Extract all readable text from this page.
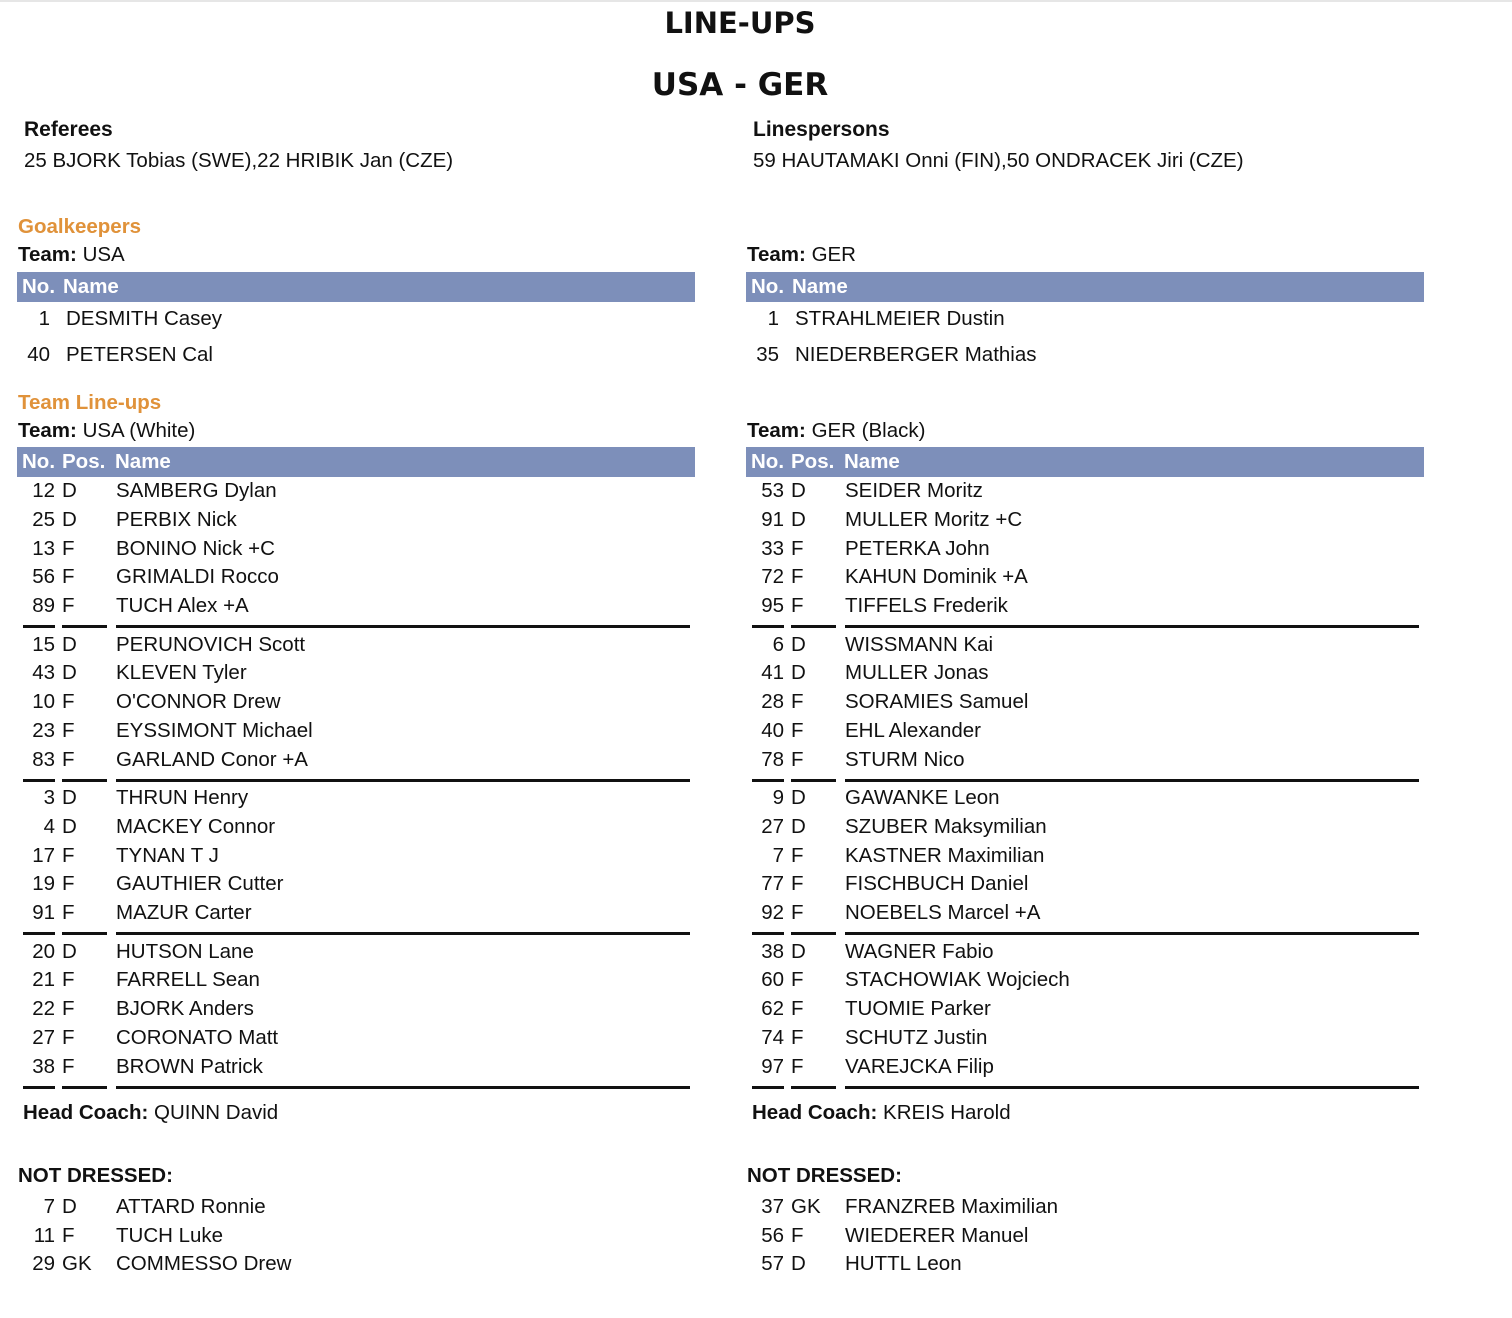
LINE-UPS
USA - GER
Referees
25 BJORK Tobias (SWE),22 HRIBIK Jan (CZE)
Linespersons
59 HAUTAMAKI Onni (FIN),50 ONDRACEK Jiri (CZE)
Goalkeepers
Team Line-ups
Team: USA
No. Name
1 DESMITH Casey
40 PETERSEN Cal
Team: USA (White)
No. Pos. Name
12 D SAMBERG Dylan
25 D PERBIX Nick
13 F BONINO Nick +C
56 F GRIMALDI Rocco
89 F TUCH Alex +A
15 D PERUNOVICH Scott
43 D KLEVEN Tyler
10 F O'CONNOR Drew
23 F EYSSIMONT Michael
83 F GARLAND Conor +A
3 D THRUN Henry
4 D MACKEY Connor
17 F TYNAN T J
19 F GAUTHIER Cutter
91 F MAZUR Carter
20 D HUTSON Lane
21 F FARRELL Sean
22 F BJORK Anders
27 F CORONATO Matt
38 F BROWN Patrick
Head Coach: QUINN David
NOT DRESSED:
7 D ATTARD Ronnie
11 F TUCH Luke
29 GK COMMESSO Drew
Team: GER
No. Name
1 STRAHLMEIER Dustin
35 NIEDERBERGER Mathias
Team: GER (Black)
No. Pos. Name
53 D SEIDER Moritz
91 D MULLER Moritz +C
33 F PETERKA John
72 F KAHUN Dominik +A
95 F TIFFELS Frederik
6 D WISSMANN Kai
41 D MULLER Jonas
28 F SORAMIES Samuel
40 F EHL Alexander
78 F STURM Nico
9 D GAWANKE Leon
27 D SZUBER Maksymilian
7 F KASTNER Maximilian
77 F FISCHBUCH Daniel
92 F NOEBELS Marcel +A
38 D WAGNER Fabio
60 F STACHOWIAK Wojciech
62 F TUOMIE Parker
74 F SCHUTZ Justin
97 F VAREJCKA Filip
Head Coach: KREIS Harold
NOT DRESSED:
37 GK FRANZREB Maximilian
56 F WIEDERER Manuel
57 D HUTTL Leon
